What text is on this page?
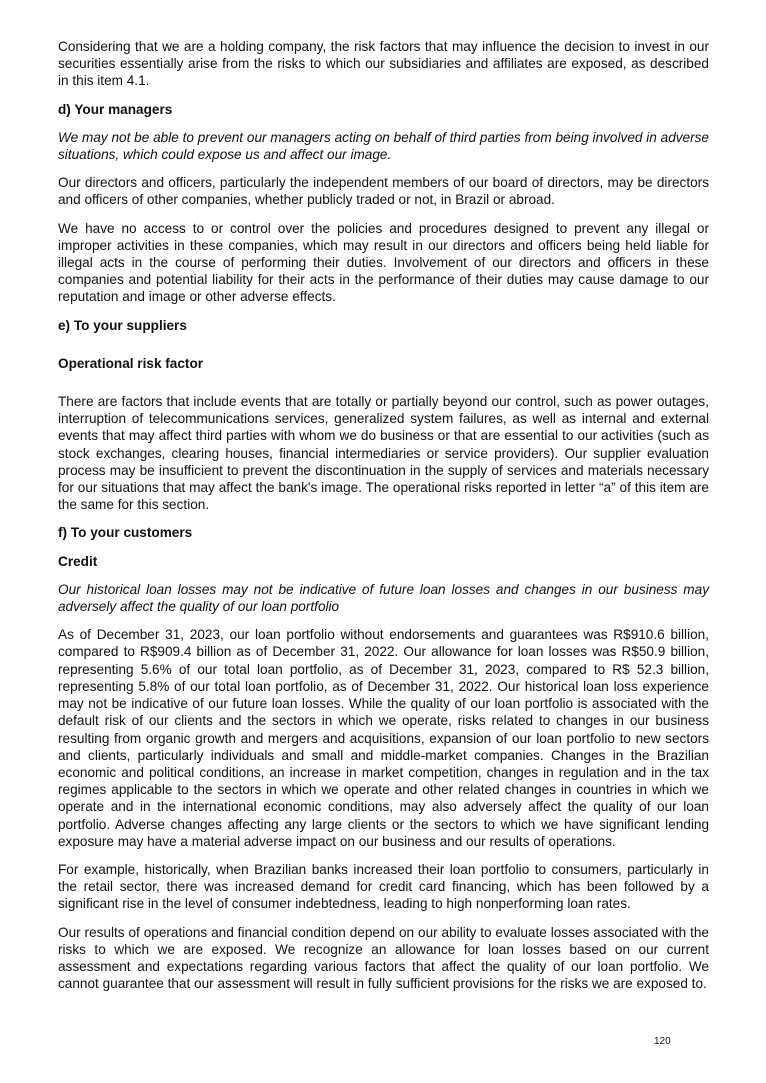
Considering that we are a holding company, the risk factors that may influence the decision to invest in our securities essentially arise from the risks to which our subsidiaries and affiliates are exposed, as described in this item 4.1.

d) Your managers

We may not be able to prevent our managers acting on behalf of third parties from being involved in adverse situations, which could expose us and affect our image.

Our directors and officers, particularly the independent members of our board of directors, may be directors and officers of other companies, whether publicly traded or not, in Brazil or abroad.

We have no access to or control over the policies and procedures designed to prevent any illegal or improper activities in these companies, which may result in our directors and officers being held liable for illegal acts in the course of performing their duties. Involvement of our directors and officers in these companies and potential liability for their acts in the performance of their duties may cause damage to our reputation and image or other adverse effects.

e) To your suppliers
Operational risk factor

There are factors that include events that are totally or partially beyond our control, such as power outages, interruption of telecommunications services, generalized system failures, as well as internal and external events that may affect third parties with whom we do business or that are essential to our activities (such as stock exchanges, clearing houses, financial intermediaries or service providers). Our supplier evaluation process may be insufficient to prevent the discontinuation in the supply of services and materials necessary for our situations that may affect the bank's image. The operational risks reported in letter “a” of this item are the same for this section.

f) To your customers
Credit

Our historical loan losses may not be indicative of future loan losses and changes in our business may adversely affect the quality of our loan portfolio

As of December 31, 2023, our loan portfolio without endorsements and guarantees was R$910.6 billion, compared to R$909.4 billion as of December 31, 2022. Our allowance for loan losses was R$50.9 billion, representing 5.6% of our total loan portfolio, as of December 31, 2023, compared to R$ 52.3 billion, representing 5.8% of our total loan portfolio, as of December 31, 2022. Our historical loan loss experience may not be indicative of our future loan losses. While the quality of our loan portfolio is associated with the default risk of our clients and the sectors in which we operate, risks related to changes in our business resulting from organic growth and mergers and acquisitions, expansion of our loan portfolio to new sectors and clients, particularly individuals and small and middle-market companies. Changes in the Brazilian economic and political conditions, an increase in market competition, changes in regulation and in the tax regimes applicable to the sectors in which we operate and other related changes in countries in which we operate and in the international economic conditions, may also adversely affect the quality of our loan portfolio. Adverse changes affecting any large clients or the sectors to which we have significant lending exposure may have a material adverse impact on our business and our results of operations.

For example, historically, when Brazilian banks increased their loan portfolio to consumers, particularly in the retail sector, there was increased demand for credit card financing, which has been followed by a significant rise in the level of consumer indebtedness, leading to high nonperforming loan rates.

Our results of operations and financial condition depend on our ability to evaluate losses associated with the risks to which we are exposed. We recognize an allowance for loan losses based on our current assessment and expectations regarding various factors that affect the quality of our loan portfolio. We cannot guarantee that our assessment will result in fully sufficient provisions for the risks we are exposed to.

120
